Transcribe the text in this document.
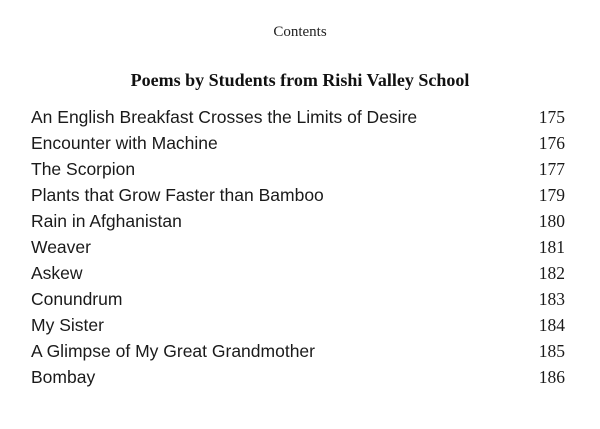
Contents
Poems by Students from Rishi Valley School
An English Breakfast Crosses the Limits of Desire	175
Encounter with Machine	176
The Scorpion	177
Plants that Grow Faster than Bamboo	179
Rain in Afghanistan	180
Weaver	181
Askew	182
Conundrum	183
My Sister	184
A Glimpse of My Great Grandmother	185
Bombay	186
